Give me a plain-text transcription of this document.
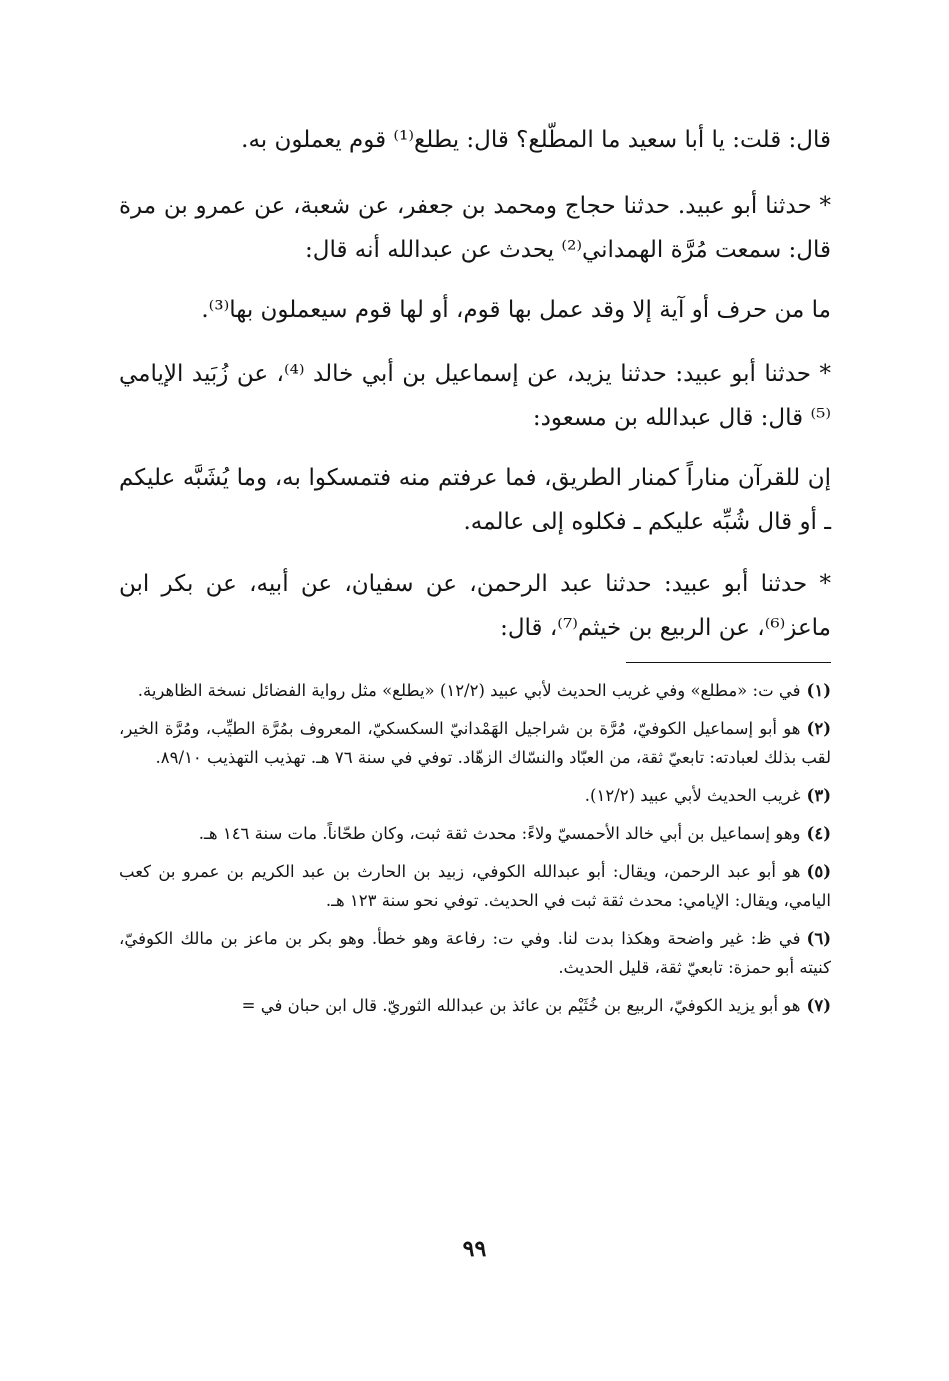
قال: قلت: يا أبا سعيد ما المطّلع؟ قال: يطلع⁽¹⁾ قوم يعملون به.
* حدثنا أبو عبيد. حدثنا حجاج ومحمد بن جعفر، عن شعبة، عن عمرو بن مرة قال: سمعت مُرَّة الهمداني⁽²⁾ يحدث عن عبدالله أنه قال:
ما من حرف أو آية إلا وقد عمل بها قوم، أو لها قوم سيعملون بها⁽³⁾.
* حدثنا أبو عبيد: حدثنا يزيد، عن إسماعيل بن أبي خالد ⁽⁴⁾، عن زُبَيد الإيامي ⁽⁵⁾ قال: قال عبدالله بن مسعود:
إن للقرآن مناراً كمنار الطريق، فما عرفتم منه فتمسكوا به، وما يُشَبَّه عليكم ـ أو قال شُبِّه عليكم ـ فكلوه إلى عالمه.
* حدثنا أبو عبيد: حدثنا عبد الرحمن، عن سفيان، عن أبيه، عن بكر ابن ماعز⁽⁶⁾، عن الربيع بن خيثم⁽⁷⁾، قال:
(١)في ت: «مطلع» وفي غريب الحديث لأبي عبيد (١٢/٢) «يطلع» مثل رواية الفضائل نسخة الظاهرية.
(٢)هو أبو إسماعيل الكوفيّ، مُرَّة بن شراجيل الهَمْدانيّ السكسكيّ، المعروف بمُرَّة الطيِّب، ومُرَّة الخير، لقب بذلك لعبادته: تابعيّ ثقة، من العبّاد والنسّاك الزهّاد. توفي في سنة ٧٦ هـ. تهذيب التهذيب ٨٩/١٠.
(٣)غريب الحديث لأبي عبيد (١٢/٢).
(٤)وهو إسماعيل بن أبي خالد الأحمسيّ ولاءً: محدث ثقة ثبت، وكان طحّاناً. مات سنة ١٤٦ هـ.
(٥)هو أبو عبد الرحمن، ويقال: أبو عبدالله الكوفي، زبيد بن الحارث بن عبد الكريم بن عمرو بن كعب اليامي، ويقال: الإيامي: محدث ثقة ثبت في الحديث. توفي نحو سنة ١٢٣ هـ.
(٦)في ظ: غير واضحة وهكذا بدت لنا. وفي ت: رفاعة وهو خطأ. وهو بكر بن ماعز بن مالك الكوفيّ، كنيته أبو حمزة: تابعيّ ثقة، قليل الحديث.
(٧)هو أبو يزيد الكوفيّ، الربيع بن خُثَيْم بن عائذ بن عبدالله الثوريّ. قال ابن حبان في =
٩٩
